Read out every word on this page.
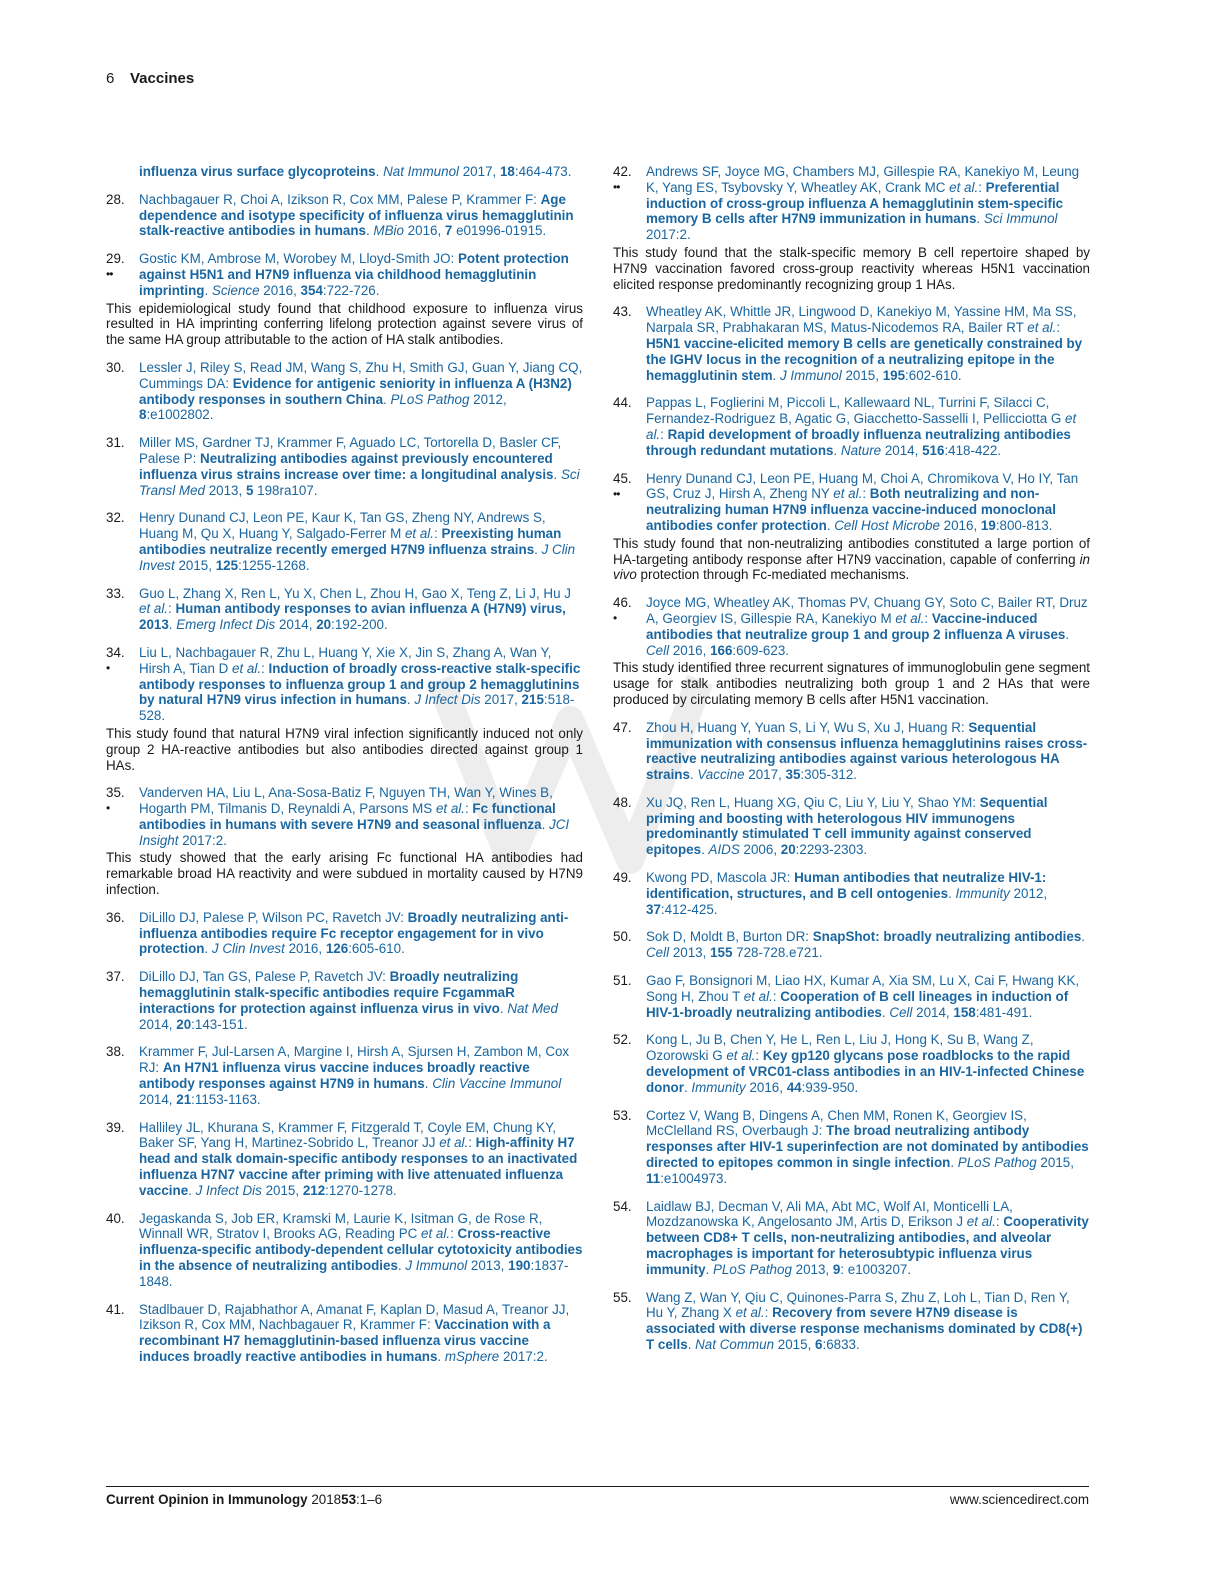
6 Vaccines
influenza virus surface glycoproteins. Nat Immunol 2017, 18:464-473.
28. Nachbagauer R, Choi A, Izikson R, Cox MM, Palese P, Krammer F: Age dependence and isotype specificity of influenza virus hemagglutinin stalk-reactive antibodies in humans. MBio 2016, 7 e01996-01915.
29.
••
Gostic KM, Ambrose M, Worobey M, Lloyd-Smith JO: Potent protection against H5N1 and H7N9 influenza via childhood hemagglutinin imprinting. Science 2016, 354:722-726.
This epidemiological study found that childhood exposure to influenza virus resulted in HA imprinting conferring lifelong protection against severe virus of the same HA group attributable to the action of HA stalk antibodies.
30. Lessler J, Riley S, Read JM, Wang S, Zhu H, Smith GJ, Guan Y, Jiang CQ, Cummings DA: Evidence for antigenic seniority in influenza A (H3N2) antibody responses in southern China. PLoS Pathog 2012, 8:e1002802.
31. Miller MS, Gardner TJ, Krammer F, Aguado LC, Tortorella D, Basler CF, Palese P: Neutralizing antibodies against previously encountered influenza virus strains increase over time: a longitudinal analysis. Sci Transl Med 2013, 5 198ra107.
32. Henry Dunand CJ, Leon PE, Kaur K, Tan GS, Zheng NY, Andrews S, Huang M, Qu X, Huang Y, Salgado-Ferrer M et al.: Preexisting human antibodies neutralize recently emerged H7N9 influenza strains. J Clin Invest 2015, 125:1255-1268.
33. Guo L, Zhang X, Ren L, Yu X, Chen L, Zhou H, Gao X, Teng Z, Li J, Hu J et al.: Human antibody responses to avian influenza A (H7N9) virus, 2013. Emerg Infect Dis 2014, 20:192-200.
34.
•
Liu L, Nachbagauer R, Zhu L, Huang Y, Xie X, Jin S, Zhang A, Wan Y, Hirsh A, Tian D et al.: Induction of broadly cross-reactive stalk-specific antibody responses to influenza group 1 and group 2 hemagglutinins by natural H7N9 virus infection in humans. J Infect Dis 2017, 215:518-528.
This study found that natural H7N9 viral infection significantly induced not only group 2 HA-reactive antibodies but also antibodies directed against group 1 HAs.
35.
•
Vanderven HA, Liu L, Ana-Sosa-Batiz F, Nguyen TH, Wan Y, Wines B, Hogarth PM, Tilmanis D, Reynaldi A, Parsons MS et al.: Fc functional antibodies in humans with severe H7N9 and seasonal influenza. JCI Insight 2017:2.
This study showed that the early arising Fc functional HA antibodies had remarkable broad HA reactivity and were subdued in mortality caused by H7N9 infection.
36. DiLillo DJ, Palese P, Wilson PC, Ravetch JV: Broadly neutralizing anti-influenza antibodies require Fc receptor engagement for in vivo protection. J Clin Invest 2016, 126:605-610.
37. DiLillo DJ, Tan GS, Palese P, Ravetch JV: Broadly neutralizing hemagglutinin stalk-specific antibodies require FcgammaR interactions for protection against influenza virus in vivo. Nat Med 2014, 20:143-151.
38. Krammer F, Jul-Larsen A, Margine I, Hirsh A, Sjursen H, Zambon M, Cox RJ: An H7N1 influenza virus vaccine induces broadly reactive antibody responses against H7N9 in humans. Clin Vaccine Immunol 2014, 21:1153-1163.
39. Halliley JL, Khurana S, Krammer F, Fitzgerald T, Coyle EM, Chung KY, Baker SF, Yang H, Martinez-Sobrido L, Treanor JJ et al.: High-affinity H7 head and stalk domain-specific antibody responses to an inactivated influenza H7N7 vaccine after priming with live attenuated influenza vaccine. J Infect Dis 2015, 212:1270-1278.
40. Jegaskanda S, Job ER, Kramski M, Laurie K, Isitman G, de Rose R, Winnall WR, Stratov I, Brooks AG, Reading PC et al.: Cross-reactive influenza-specific antibody-dependent cellular cytotoxicity antibodies in the absence of neutralizing antibodies. J Immunol 2013, 190:1837-1848.
41. Stadlbauer D, Rajabhathor A, Amanat F, Kaplan D, Masud A, Treanor JJ, Izikson R, Cox MM, Nachbagauer R, Krammer F: Vaccination with a recombinant H7 hemagglutinin-based influenza virus vaccine induces broadly reactive antibodies in humans. mSphere 2017:2.
42.
••
Andrews SF, Joyce MG, Chambers MJ, Gillespie RA, Kanekiyo M, Leung K, Yang ES, Tsybovsky Y, Wheatley AK, Crank MC et al.: Preferential induction of cross-group influenza A hemagglutinin stem-specific memory B cells after H7N9 immunization in humans. Sci Immunol 2017:2.
This study found that the stalk-specific memory B cell repertoire shaped by H7N9 vaccination favored cross-group reactivity whereas H5N1 vaccination elicited response predominantly recognizing group 1 HAs.
43. Wheatley AK, Whittle JR, Lingwood D, Kanekiyo M, Yassine HM, Ma SS, Narpala SR, Prabhakaran MS, Matus-Nicodemos RA, Bailer RT et al.: H5N1 vaccine-elicited memory B cells are genetically constrained by the IGHV locus in the recognition of a neutralizing epitope in the hemagglutinin stem. J Immunol 2015, 195:602-610.
44. Pappas L, Foglierini M, Piccoli L, Kallewaard NL, Turrini F, Silacci C, Fernandez-Rodriguez B, Agatic G, Giacchetto-Sasselli I, Pellicciotta G et al.: Rapid development of broadly influenza neutralizing antibodies through redundant mutations. Nature 2014, 516:418-422.
45.
••
Henry Dunand CJ, Leon PE, Huang M, Choi A, Chromikova V, Ho IY, Tan GS, Cruz J, Hirsh A, Zheng NY et al.: Both neutralizing and non-neutralizing human H7N9 influenza vaccine-induced monoclonal antibodies confer protection. Cell Host Microbe 2016, 19:800-813.
This study found that non-neutralizing antibodies constituted a large portion of HA-targeting antibody response after H7N9 vaccination, capable of conferring in vivo protection through Fc-mediated mechanisms.
46.
•
Joyce MG, Wheatley AK, Thomas PV, Chuang GY, Soto C, Bailer RT, Druz A, Georgiev IS, Gillespie RA, Kanekiyo M et al.: Vaccine-induced antibodies that neutralize group 1 and group 2 influenza A viruses. Cell 2016, 166:609-623.
This study identified three recurrent signatures of immunoglobulin gene segment usage for stalk antibodies neutralizing both group 1 and 2 HAs that were produced by circulating memory B cells after H5N1 vaccination.
47. Zhou H, Huang Y, Yuan S, Li Y, Wu S, Xu J, Huang R: Sequential immunization with consensus influenza hemagglutinins raises cross-reactive neutralizing antibodies against various heterologous HA strains. Vaccine 2017, 35:305-312.
48. Xu JQ, Ren L, Huang XG, Qiu C, Liu Y, Liu Y, Shao YM: Sequential priming and boosting with heterologous HIV immunogens predominantly stimulated T cell immunity against conserved epitopes. AIDS 2006, 20:2293-2303.
49. Kwong PD, Mascola JR: Human antibodies that neutralize HIV-1: identification, structures, and B cell ontogenies. Immunity 2012, 37:412-425.
50. Sok D, Moldt B, Burton DR: SnapShot: broadly neutralizing antibodies. Cell 2013, 155 728-728.e721.
51. Gao F, Bonsignori M, Liao HX, Kumar A, Xia SM, Lu X, Cai F, Hwang KK, Song H, Zhou T et al.: Cooperation of B cell lineages in induction of HIV-1-broadly neutralizing antibodies. Cell 2014, 158:481-491.
52. Kong L, Ju B, Chen Y, He L, Ren L, Liu J, Hong K, Su B, Wang Z, Ozorowski G et al.: Key gp120 glycans pose roadblocks to the rapid development of VRC01-class antibodies in an HIV-1-infected Chinese donor. Immunity 2016, 44:939-950.
53. Cortez V, Wang B, Dingens A, Chen MM, Ronen K, Georgiev IS, McClelland RS, Overbaugh J: The broad neutralizing antibody responses after HIV-1 superinfection are not dominated by antibodies directed to epitopes common in single infection. PLoS Pathog 2015, 11:e1004973.
54. Laidlaw BJ, Decman V, Ali MA, Abt MC, Wolf AI, Monticelli LA, Mozdzanowska K, Angelosanto JM, Artis D, Erikson J et al.: Cooperativity between CD8+ T cells, non-neutralizing antibodies, and alveolar macrophages is important for heterosubtypic influenza virus immunity. PLoS Pathog 2013, 9: e1003207.
55. Wang Z, Wan Y, Qiu C, Quinones-Parra S, Zhu Z, Loh L, Tian D, Ren Y, Hu Y, Zhang X et al.: Recovery from severe H7N9 disease is associated with diverse response mechanisms dominated by CD8(+) T cells. Nat Commun 2015, 6:6833.
Current Opinion in Immunology 201853:1–6	www.sciencedirect.com
